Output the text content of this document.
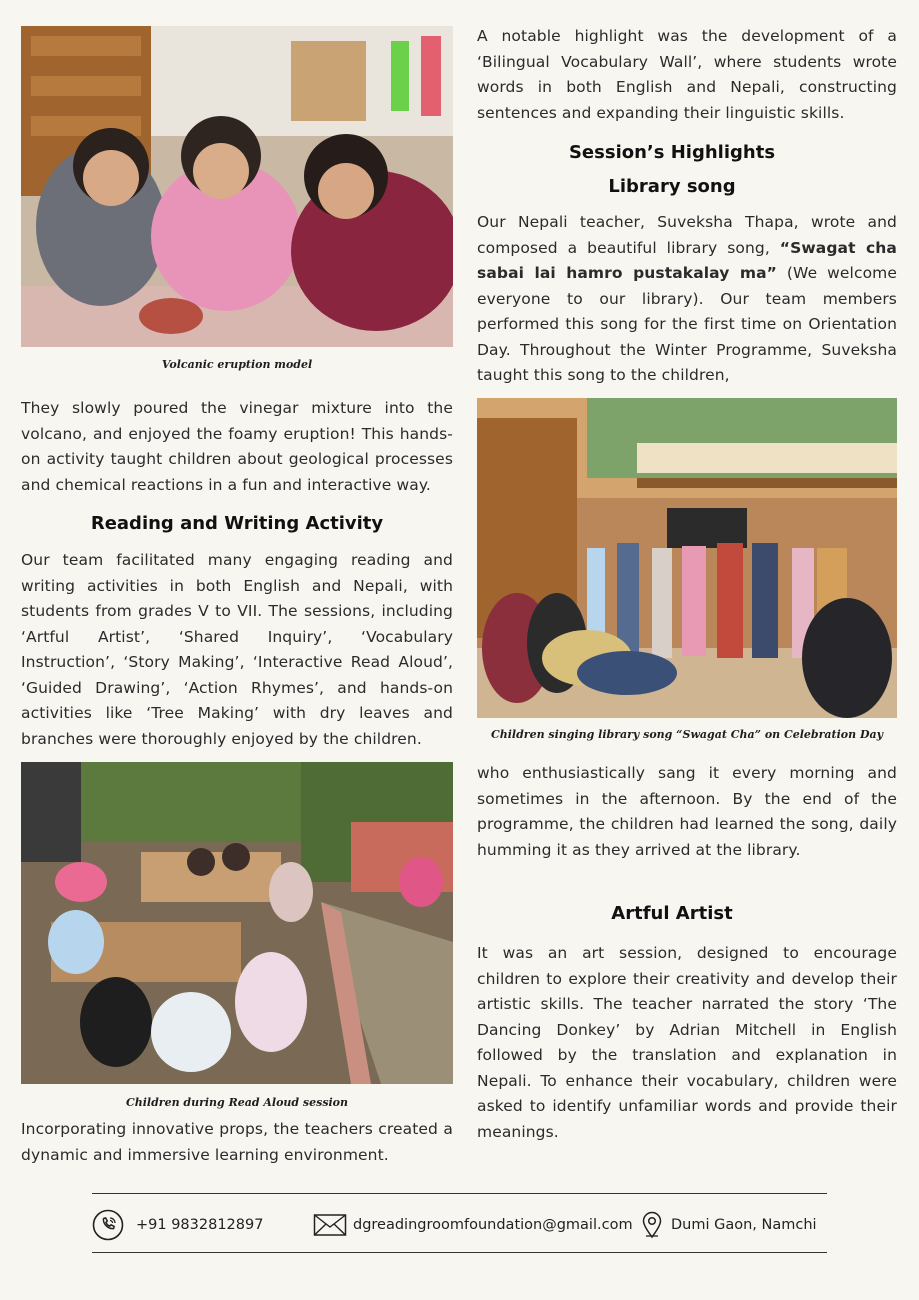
Volcanic eruption model

They slowly poured the vinegar mixture into the volcano, and enjoyed the foamy eruption! This hands-on activity taught children about geological processes and chemical reactions in a fun and interactive way.

Reading and Writing Activity

Our team facilitated many engaging reading and writing activities in both English and Nepali, with students from grades V to VII. The sessions, including ‘Artful Artist’, ‘Shared Inquiry’, ‘Vocabulary Instruction’, ‘Story Making’, ‘Interactive Read Aloud’, ‘Guided Drawing’, ‘Action Rhymes’, and hands-on activities like ‘Tree Making’ with dry leaves and branches were thoroughly enjoyed by the children.

Children during Read Aloud session

Incorporating innovative props, the teachers created a dynamic and immersive learning environment.

A notable highlight was the development of a ‘Bilingual Vocabulary Wall’, where students wrote words in both English and Nepali, constructing sentences and expanding their linguistic skills.

Session’s Highlights
Library song

Our Nepali teacher, Suveksha Thapa, wrote and composed a beautiful library song, “Swagat cha sabai lai hamro pustakalay ma” (We welcome everyone to our library). Our team members performed this song for the first time on Orientation Day. Throughout the Winter Programme, Suveksha taught this song to the children,

Children singing library song “Swagat Cha” on Celebration Day

who enthusiastically sang it every morning and sometimes in the afternoon. By the end of the programme, the children had learned the song, daily humming it as they arrived at the library.

Artful Artist

It was an art session, designed to encourage children to explore their creativity and develop their artistic skills. The teacher narrated the story ‘The Dancing Donkey’ by Adrian Mitchell in English followed by the translation and explanation in Nepali. To enhance their vocabulary, children were asked to identify unfamiliar words and provide their meanings.

+91 9832812897	dgreadingroomfoundation@gmail.com	Dumi Gaon, Namchi
